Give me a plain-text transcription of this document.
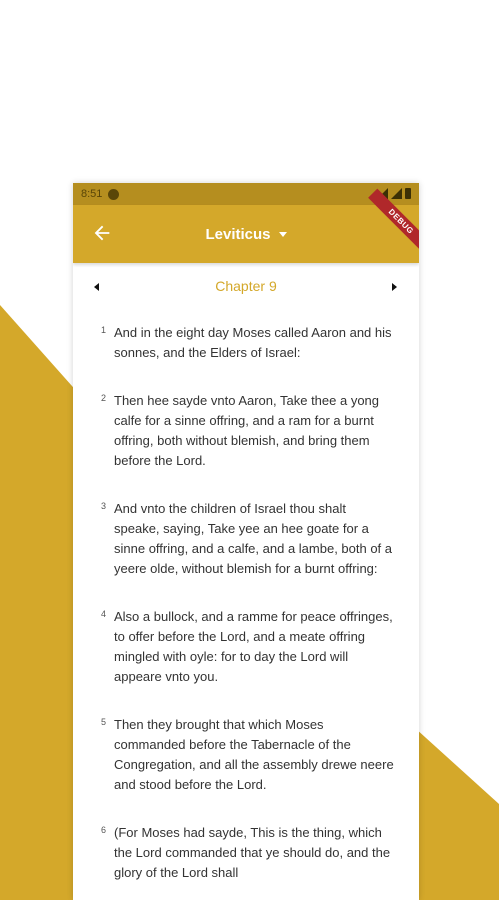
8:51
Leviticus	DEBUG
Chapter 9
1 And in the eight day Moses called Aaron and his sonnes, and the Elders of Israel:
2 Then hee sayde vnto Aaron, Take thee a yong calfe for a sinne offring, and a ram for a burnt offring, both without blemish, and bring them before the Lord.
3 And vnto the children of Israel thou shalt speake, saying, Take yee an hee goate for a sinne offring, and a calfe, and a lambe, both of a yeere olde, without blemish for a burnt offring:
4 Also a bullock, and a ramme for peace offringes, to offer before the Lord, and a meate offring mingled with oyle: for to day the Lord will appeare vnto you.
5 Then they brought that which Moses commanded before the Tabernacle of the Congregation, and all the assembly drewe neere and stood before the Lord.
6 (For Moses had sayde, This is the thing, which the Lord commanded that ye should do, and the glory of the Lord shall
